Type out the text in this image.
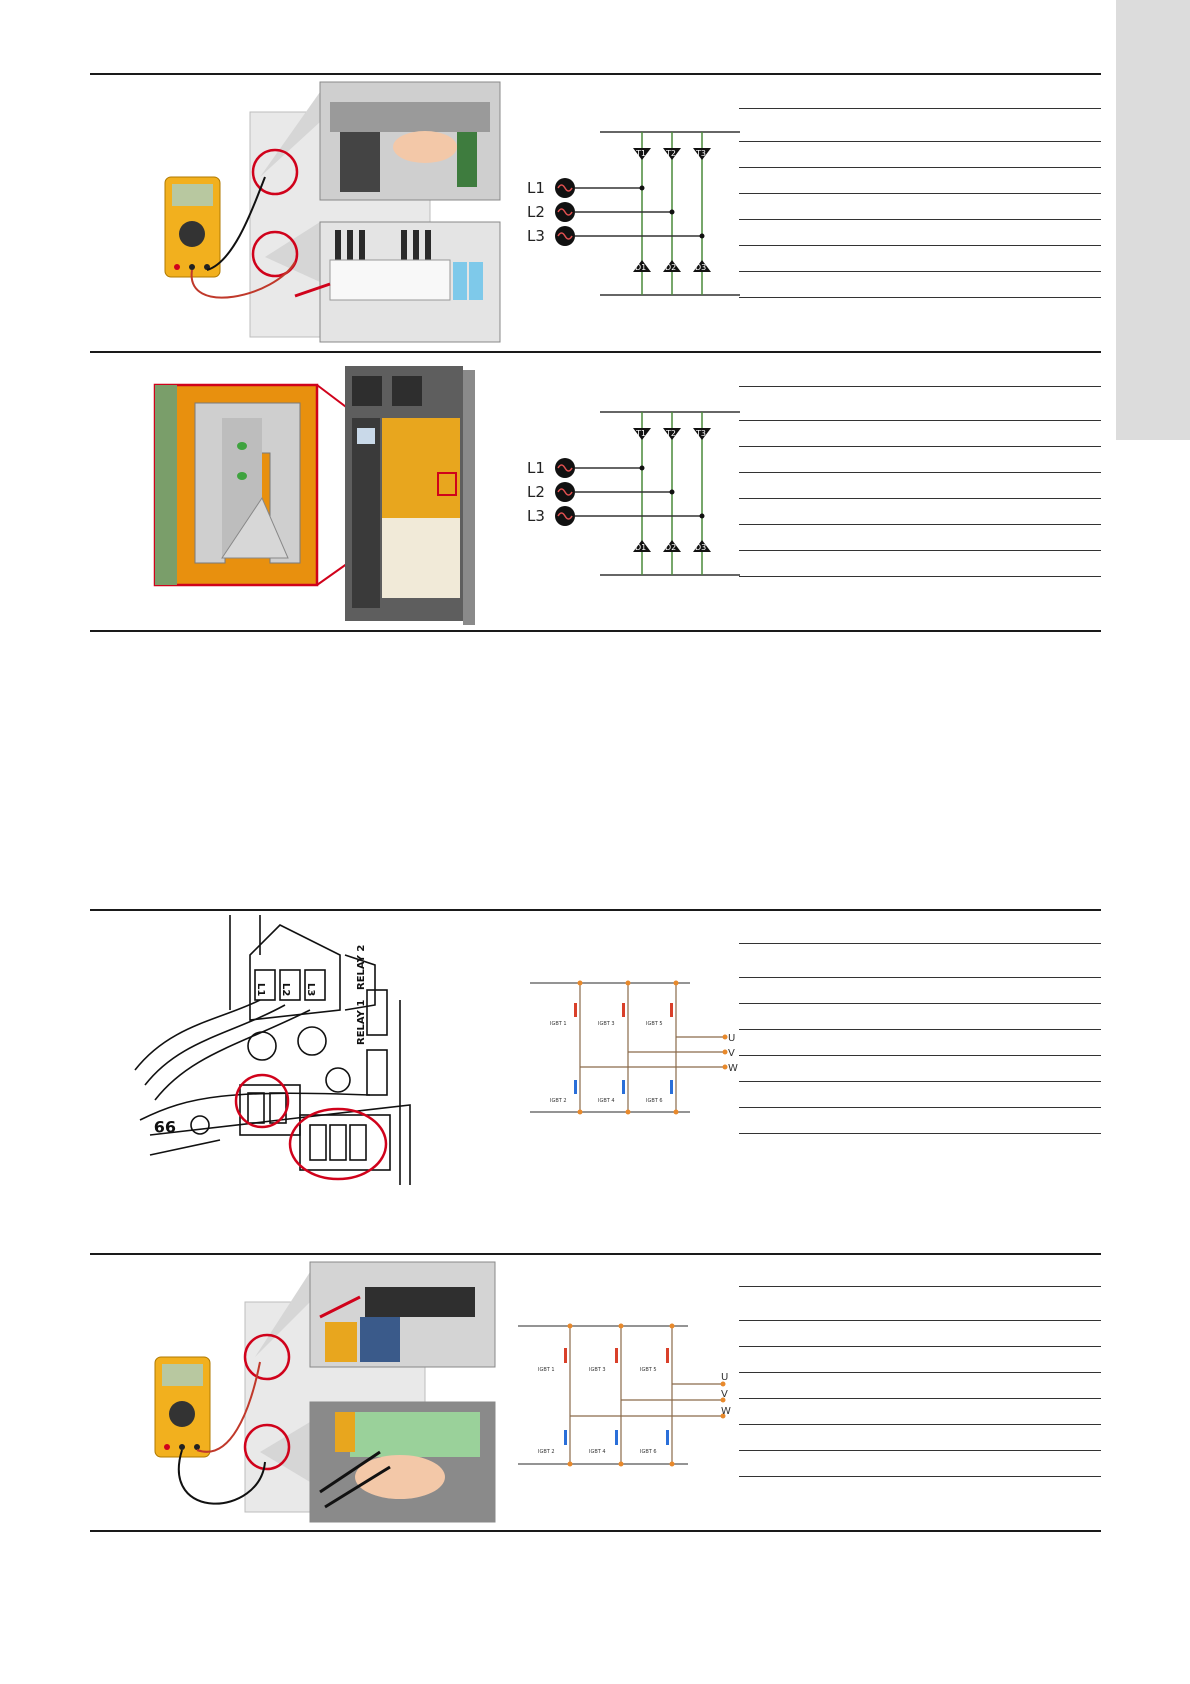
T1	T2	T3
D1 D2 D3
L1
L2
L3
T1	T2	T3
D1 D2 D3
L1
L2
L3
L1 L2 L3
RELAY 1
RELAY 2
99
IGBT 1	IGBT 3	IGBT 5
IGBT 2	IGBT 4	IGBT 6
U
V
W
IGBT 1	IGBT 3	IGBT 5
IGBT 2	IGBT 4	IGBT 6
U
V
W
